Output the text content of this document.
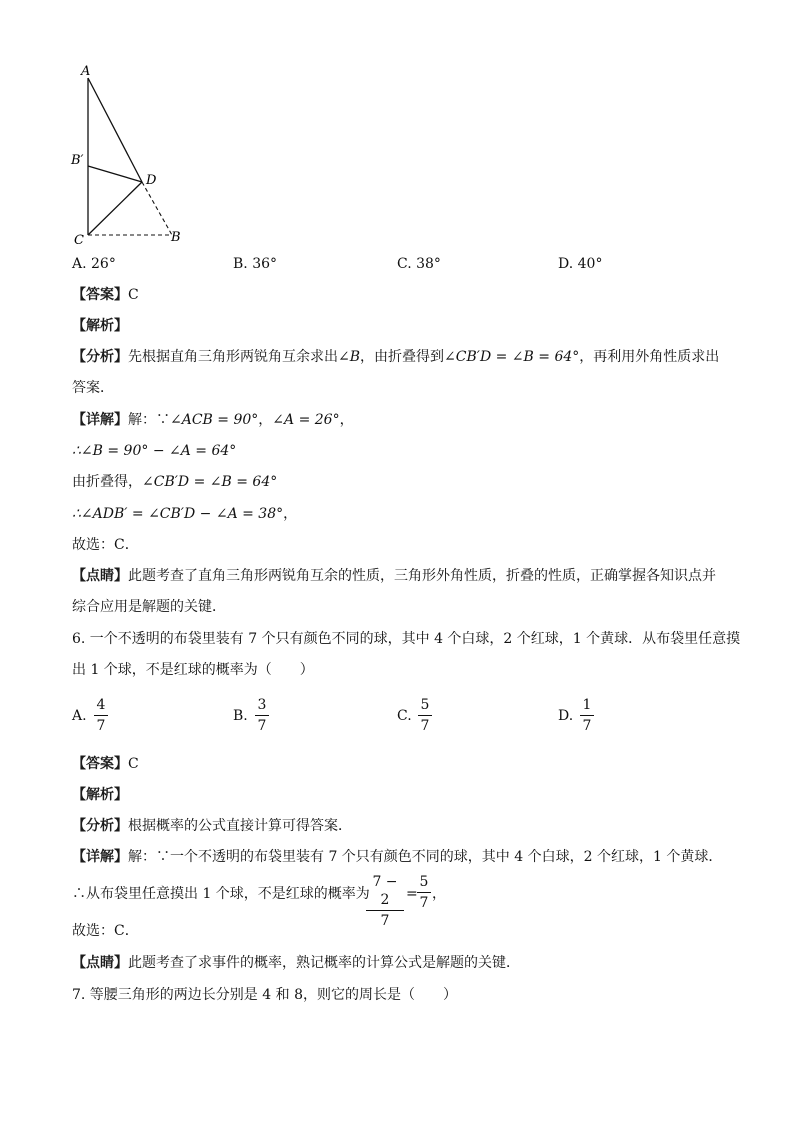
A
B′
D
C	B
A. 26°	B. 36°	C. 38°	D. 40°
【答案】C
【解析】
【分析】先根据直角三角形两锐角互余求出∠B，由折叠得到∠CB′D = ∠B = 64°，再利用外角性质求出
答案．
【详解】解：∵∠ACB = 90°，∠A = 26°，
∴∠B = 90° − ∠A = 64°
由折叠得，∠CB′D = ∠B = 64°
∴∠ADB′ = ∠CB′D − ∠A = 38°，
故选：C．
【点睛】此题考查了直角三角形两锐角互余的性质，三角形外角性质，折叠的性质，正确掌握各知识点并
综合应用是解题的关键．
6. 一个不透明的布袋里装有 7 个只有颜色不同的球，其中 4 个白球，2 个红球，1 个黄球．从布袋里任意摸
出 1 个球，不是红球的概率为（　　）
A.
4
7
B.
3
7
C.
5
7
D.
1
7
【答案】C
【解析】
【分析】根据概率的公式直接计算可得答案．
【详解】解：∵一个不透明的布袋里装有 7 个只有颜色不同的球，其中 4 个白球，2 个红球，1 个黄球．
∴从布袋里任意摸出 1 个球，不是红球的概率为
7 − 2
7
=
5
7
，
故选：C．
【点睛】此题考查了求事件的概率，熟记概率的计算公式是解题的关键．
7. 等腰三角形的两边长分别是 4 和 8，则它的周长是（　　）
